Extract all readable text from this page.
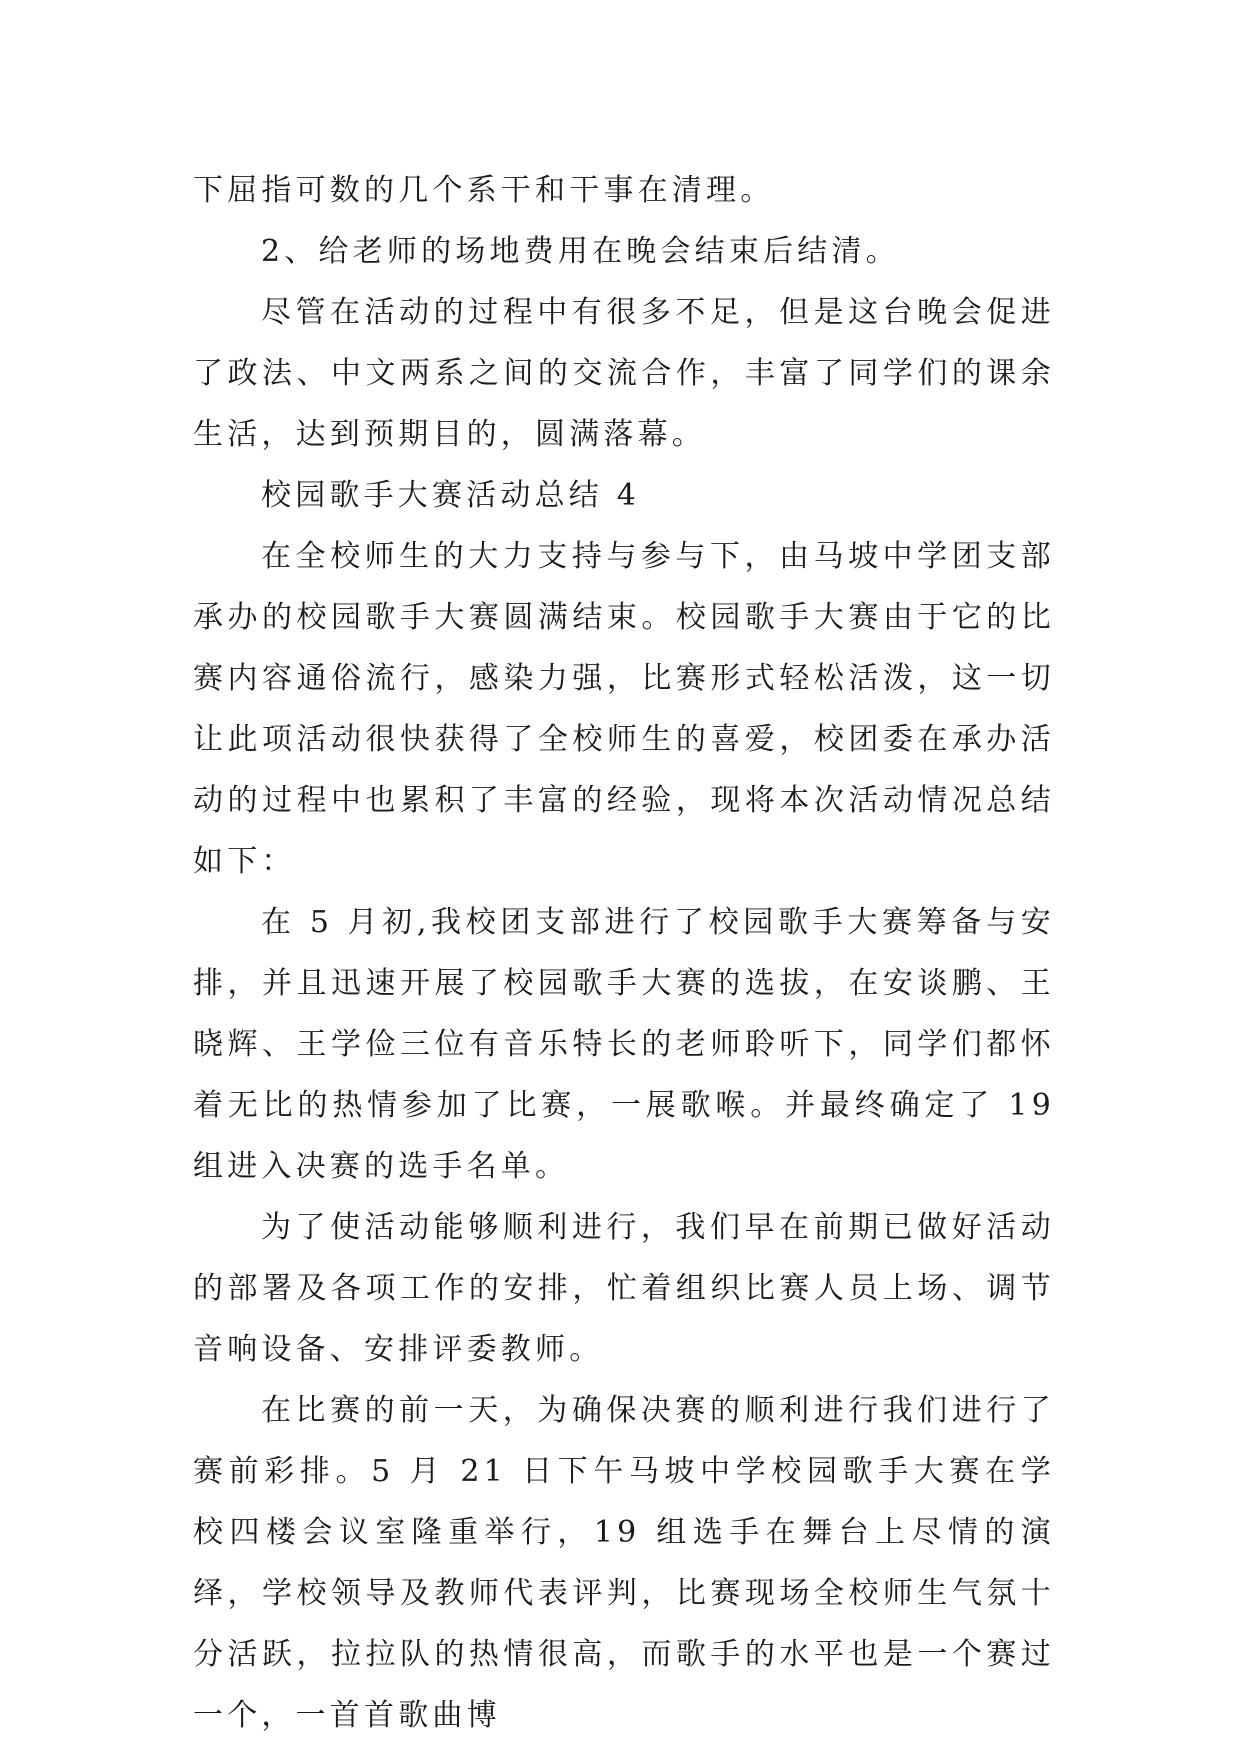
下屈指可数的几个系干和干事在清理。

2、给老师的场地费用在晚会结束后结清。

尽管在活动的过程中有很多不足，但是这台晚会促进了政法、中文两系之间的交流合作，丰富了同学们的课余生活，达到预期目的，圆满落幕。

校园歌手大赛活动总结 4

在全校师生的大力支持与参与下，由马坡中学团支部承办的校园歌手大赛圆满结束。校园歌手大赛由于它的比赛内容通俗流行，感染力强，比赛形式轻松活泼，这一切让此项活动很快获得了全校师生的喜爱，校团委在承办活动的过程中也累积了丰富的经验，现将本次活动情况总结如下：

在 5 月初,我校团支部进行了校园歌手大赛筹备与安排，并且迅速开展了校园歌手大赛的选拔，在安谈鹏、王晓辉、王学俭三位有音乐特长的老师聆听下，同学们都怀着无比的热情参加了比赛，一展歌喉。并最终确定了 19 组进入决赛的选手名单。

为了使活动能够顺利进行，我们早在前期已做好活动的部署及各项工作的安排，忙着组织比赛人员上场、调节音响设备、安排评委教师。

在比赛的前一天，为确保决赛的顺利进行我们进行了赛前彩排。5 月 21 日下午马坡中学校园歌手大赛在学校四楼会议室隆重举行，19 组选手在舞台上尽情的演绎，学校领导及教师代表评判，比赛现场全校师生气氛十分活跃，拉拉队的热情很高，而歌手的水平也是一个赛过一个，一首首歌曲博
